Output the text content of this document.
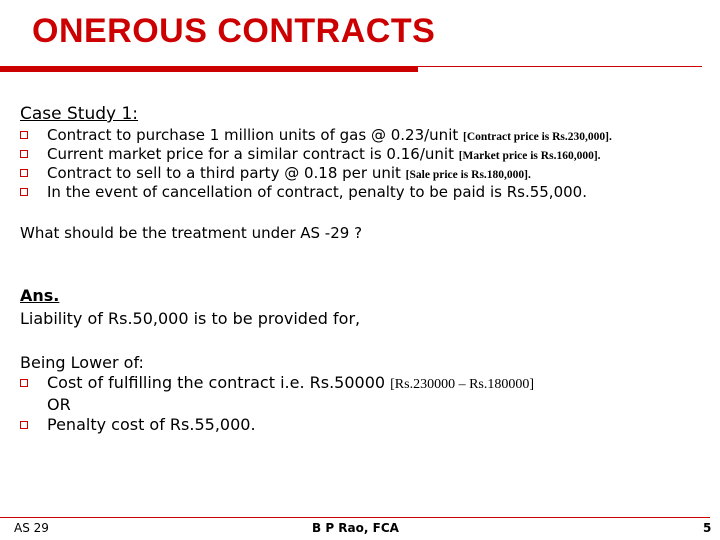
ONEROUS CONTRACTS
Case Study 1:
Contract to purchase 1 million units of gas @ 0.23/unit [Contract price is Rs.230,000].
Current market price for a similar contract is 0.16/unit [Market price is Rs.160,000].
Contract to sell to a third party @ 0.18 per unit [Sale price is Rs.180,000].
In the event of cancellation of contract, penalty to be paid is Rs.55,000.
What should be the treatment under AS -29 ?
Ans.
Liability of Rs.50,000 is to be provided for,
Being Lower of:
Cost of fulfilling the contract i.e. Rs.50000 [Rs.230000 – Rs.180000]
OR
Penalty cost of Rs.55,000.
AS 29	B P Rao, FCA	5
